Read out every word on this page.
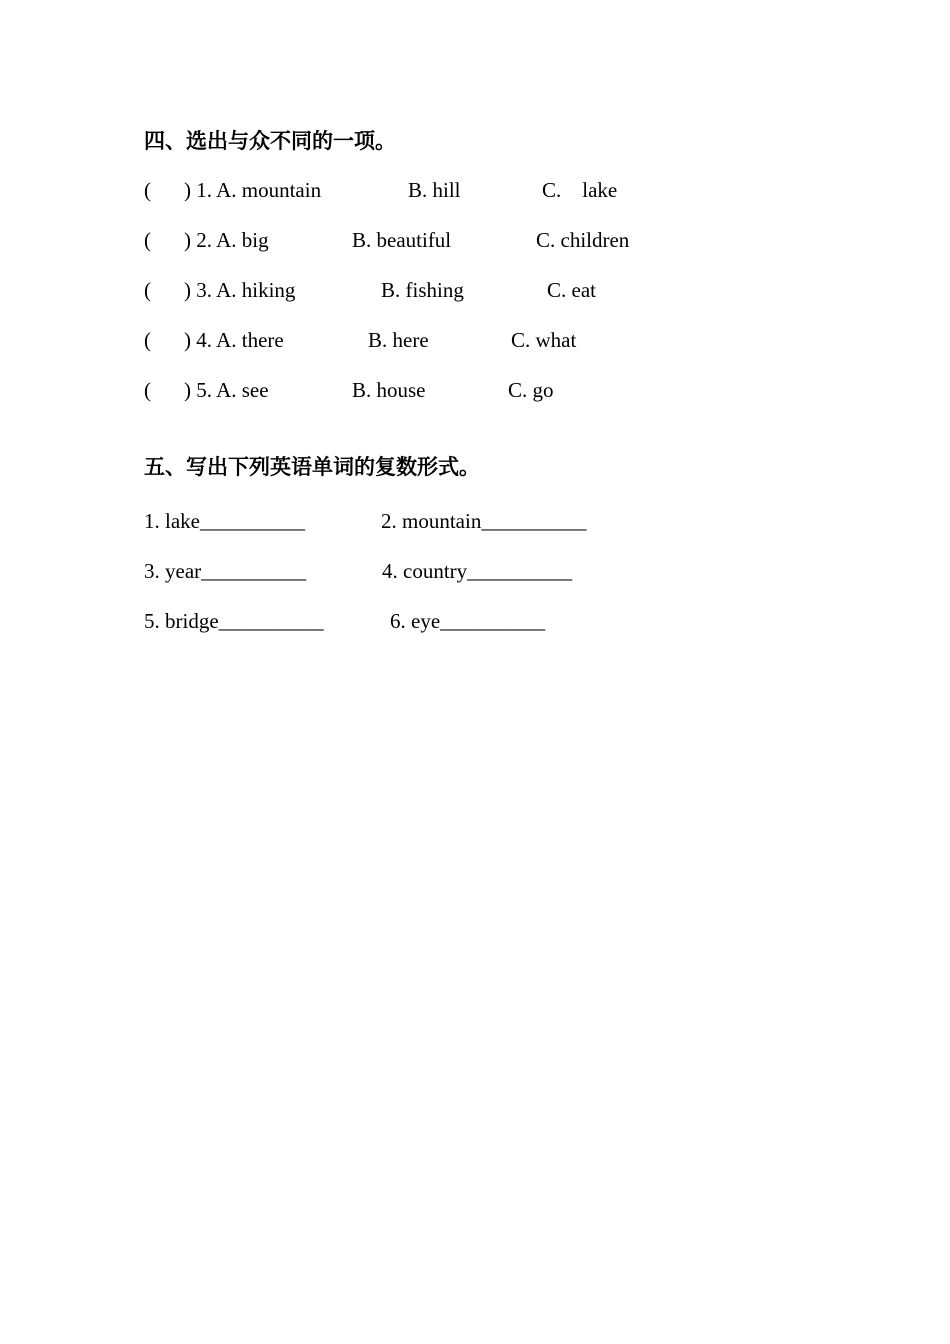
四、选出与众不同的一项。
( ) 1. A. mountain	B. hill	C.    lake
( ) 2. A. big	B. beautiful	C. children
( ) 3. A. hiking	B. fishing	C. eat
( ) 4. A. there	B. here	C. what
( ) 5. A. see	B. house	C. go
五、写出下列英语单词的复数形式。
1. lake__________	2. mountain__________
3. year__________	4. country__________
5. bridge__________	6. eye__________
